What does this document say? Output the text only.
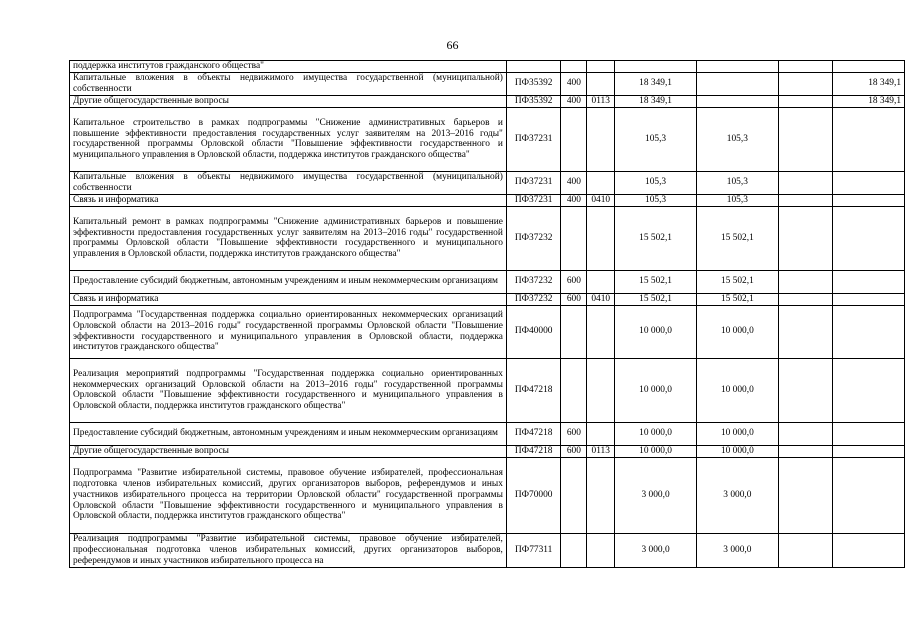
66
поддержка институтов гражданского общества"							
Капитальные вложения в объекты недвижимого имущества государственной (муниципальной) собственности	ПФ35392	400		18 349,1			18 349,1
Другие общегосударственные вопросы	ПФ35392	400	0113	18 349,1			18 349,1
Капитальное строительство в рамках подпрограммы "Снижение административных барьеров и повышение эффективности предоставления государственных услуг заявителям на 2013–2016 годы" государственной программы Орловской области "Повышение эффективности государственного и муниципального управления в Орловской области, поддержка институтов гражданского общества"	ПФ37231			105,3	105,3		
Капитальные вложения в объекты недвижимого имущества государственной (муниципальной) собственности	ПФ37231	400		105,3	105,3		
Связь и информатика	ПФ37231	400	0410	105,3	105,3		
Капитальный ремонт в рамках подпрограммы "Снижение административных барьеров и повышение эффективности предоставления государственных услуг заявителям на 2013–2016 годы" государственной программы Орловской области "Повышение эффективности государственного и муниципального управления в Орловской области, поддержка институтов гражданского общества"	ПФ37232			15 502,1	15 502,1		
Предоставление субсидий бюджетным, автономным учреждениям и иным некоммерческим организациям	ПФ37232	600		15 502,1	15 502,1		
Связь и информатика	ПФ37232	600	0410	15 502,1	15 502,1		
Подпрограмма "Государственная поддержка социально ориентированных некоммерческих организаций Орловской области на 2013–2016 годы" государственной программы Орловской области "Повышение эффективности государственного и муниципального управления в Орловской области, поддержка институтов гражданского общества"	ПФ40000			10 000,0	10 000,0		
Реализация мероприятий подпрограммы "Государственная поддержка социально ориентированных некоммерческих организаций Орловской области на 2013–2016 годы" государственной программы Орловской области "Повышение эффективности государственного и муниципального управления в Орловской области, поддержка институтов гражданского общества"	ПФ47218			10 000,0	10 000,0		
Предоставление субсидий бюджетным, автономным учреждениям и иным некоммерческим организациям	ПФ47218	600		10 000,0	10 000,0		
Другие общегосударственные вопросы	ПФ47218	600	0113	10 000,0	10 000,0		
Подпрограмма "Развитие избирательной системы, правовое обучение избирателей, профессиональная подготовка членов избирательных комиссий, других организаторов выборов, референдумов и иных участников избирательного процесса на территории Орловской области" государственной программы Орловской области "Повышение эффективности государственного и муниципального управления в Орловской области, поддержка институтов гражданского общества"	ПФ70000			3 000,0	3 000,0		
Реализация подпрограммы "Развитие избирательной системы, правовое обучение избирателей, профессиональная подготовка членов избирательных комиссий, других организаторов выборов, референдумов и иных участников избирательного процесса на	ПФ77311			3 000,0	3 000,0		
